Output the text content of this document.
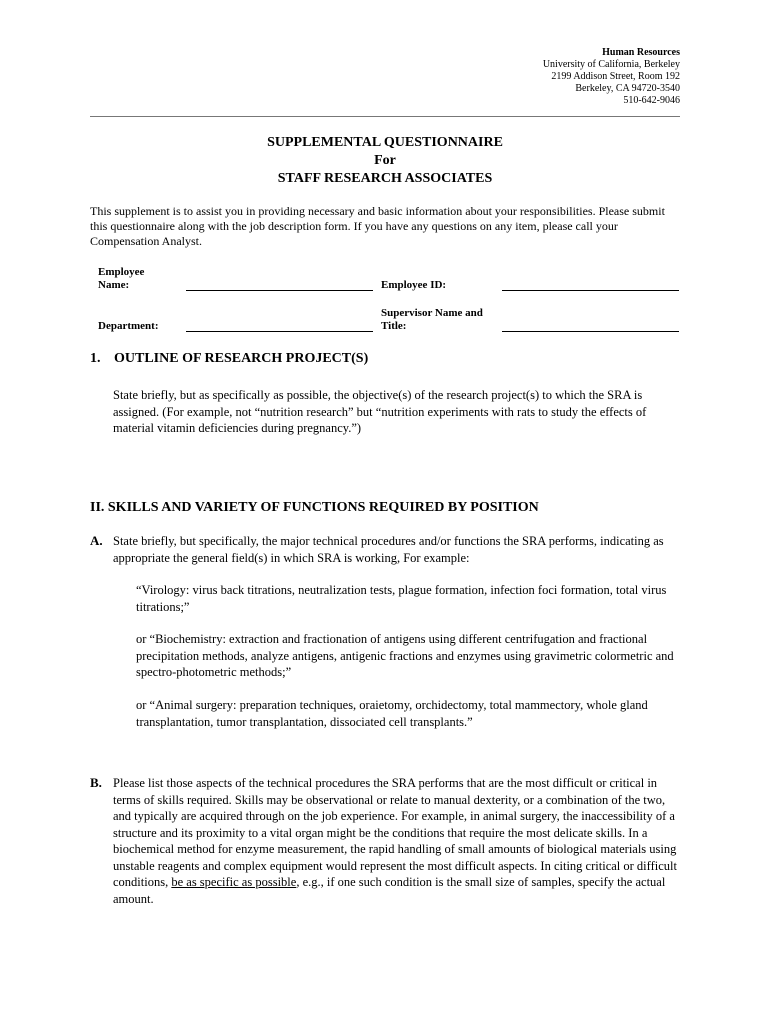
Human Resources
University of California, Berkeley
2199 Addison Street, Room 192
Berkeley, CA 94720-3540
510-642-9046
SUPPLEMENTAL QUESTIONNAIRE
For
STAFF RESEARCH ASSOCIATES
This supplement is to assist you in providing necessary and basic information about your responsibilities. Please submit this questionnaire along with the job description form. If you have any questions on any item, please call your Compensation Analyst.
Employee
Name:	Employee ID:
Department:
Supervisor Name and
Title:
1. OUTLINE OF RESEARCH PROJECT(S)
State briefly, but as specifically as possible, the objective(s) of the research project(s) to which the SRA is assigned. (For example, not “nutrition research” but “nutrition experiments with rats to study the effects of material vitamin deficiencies during pregnancy.”)
II. SKILLS AND VARIETY OF FUNCTIONS REQUIRED BY POSITION
A. State briefly, but specifically, the major technical procedures and/or functions the SRA performs, indicating as appropriate the general field(s) in which SRA is working, For example:
“Virology: virus back titrations, neutralization tests, plague formation, infection foci formation, total virus titrations;”
or “Biochemistry: extraction and fractionation of antigens using different centrifugation and fractional precipitation methods, analyze antigens, antigenic fractions and enzymes using gravimetric colormetric and spectro-photometric methods;”
or “Animal surgery: preparation techniques, oraietomy, orchidectomy, total mammectory, whole gland transplantation, tumor transplantation, dissociated cell transplants.”
B. Please list those aspects of the technical procedures the SRA performs that are the most difficult or critical in terms of skills required. Skills may be observational or relate to manual dexterity, or a combination of the two, and typically are acquired through on the job experience. For example, in animal surgery, the inaccessibility of a structure and its proximity to a vital organ might be the conditions that require the most delicate skills. In a biochemical method for enzyme measurement, the rapid handling of small amounts of biological materials using unstable reagents and complex equipment would represent the most difficult aspects. In citing critical or difficult conditions, be as specific as possible, e.g., if one such condition is the small size of samples, specify the actual amount.
